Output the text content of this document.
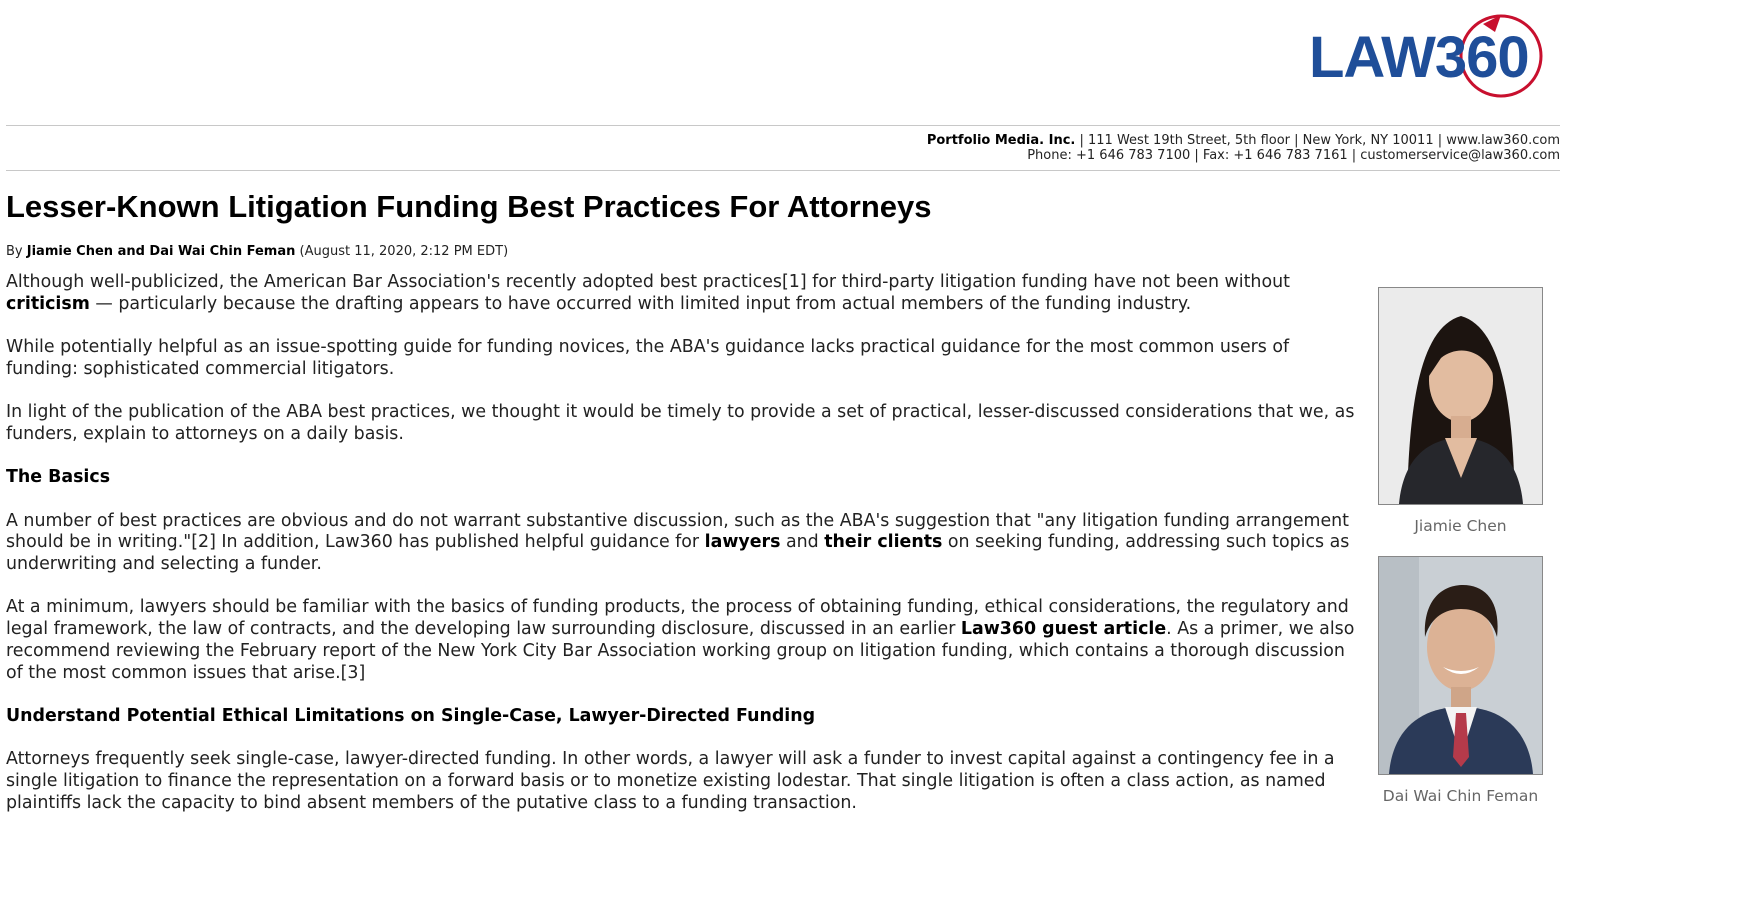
LAW360
Portfolio Media. Inc. | 111 West 19th Street, 5th floor | New York, NY 10011 | www.law360.com
Phone: +1 646 783 7100 | Fax: +1 646 783 7161 | customerservice@law360.com
Lesser-Known Litigation Funding Best Practices For Attorneys
By Jiamie Chen and Dai Wai Chin Feman (August 11, 2020, 2:12 PM EDT)

Although well-publicized, the American Bar Association's recently adopted best practices[1] for third-party litigation funding have not been without criticism — particularly because the drafting appears to have occurred with limited input from actual members of the funding industry.

While potentially helpful as an issue-spotting guide for funding novices, the ABA's guidance lacks practical guidance for the most common users of funding: sophisticated commercial litigators.

In light of the publication of the ABA best practices, we thought it would be timely to provide a set of practical, lesser-discussed considerations that we, as funders, explain to attorneys on a daily basis.

The Basics

A number of best practices are obvious and do not warrant substantive discussion, such as the ABA's suggestion that "any litigation funding arrangement should be in writing."[2] In addition, Law360 has published helpful guidance for lawyers and their clients on seeking funding, addressing such topics as underwriting and selecting a funder.

At a minimum, lawyers should be familiar with the basics of funding products, the process of obtaining funding, ethical considerations, the regulatory and legal framework, the law of contracts, and the developing law surrounding disclosure, discussed in an earlier Law360 guest article. As a primer, we also recommend reviewing the February report of the New York City Bar Association working group on litigation funding, which contains a thorough discussion of the most common issues that arise.[3]

Understand Potential Ethical Limitations on Single-Case, Lawyer-Directed Funding

Attorneys frequently seek single-case, lawyer-directed funding. In other words, a lawyer will ask a funder to invest capital against a contingency fee in a single litigation to finance the representation on a forward basis or to monetize existing lodestar. That single litigation is often a class action, as named plaintiffs lack the capacity to bind absent members of the putative class to a funding transaction.

Jiamie Chen
Dai Wai Chin Feman
